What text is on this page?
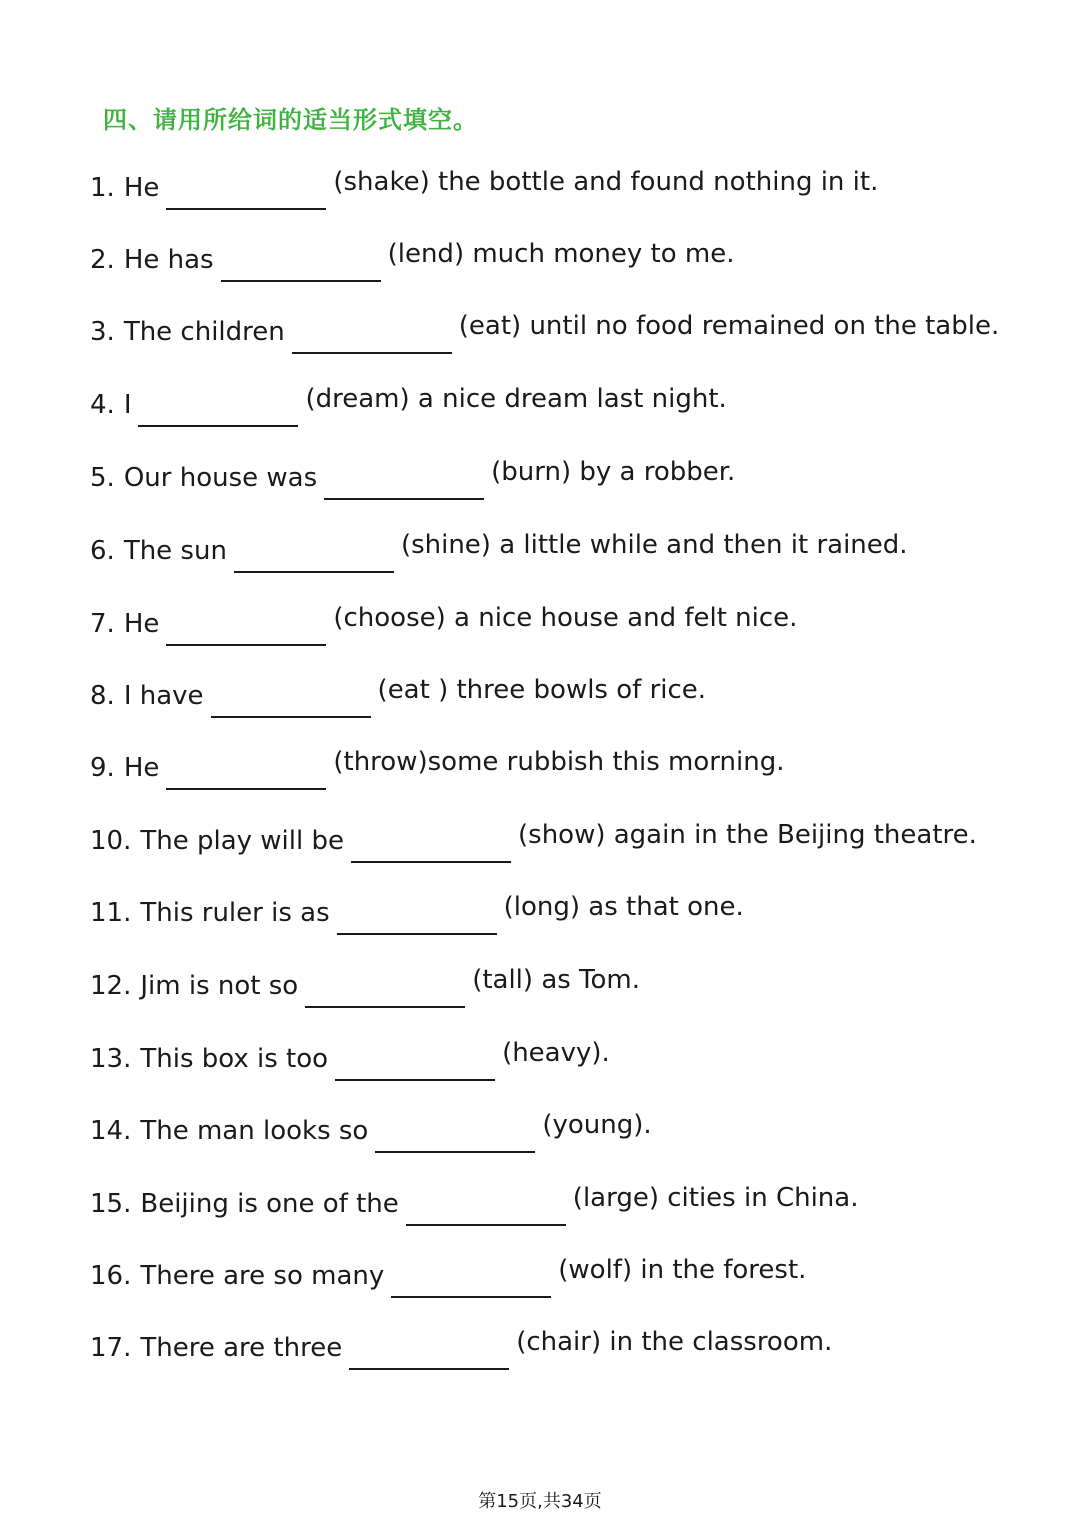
四、请用所给词的适当形式填空。
1. He	(shake) the bottle and found nothing in it.
2. He has	(lend) much money to me.
3. The children	(eat) until no food remained on the table.
4.I	(dream) a nice dream last night.
5. Our house was	(burn) by a robber.
6. The sun	(shine) a little while and then it rained.
7. He	(choose) a nice house and felt nice.
8. I have	(eat ) three bowls of rice.
9. He	(throw)some rubbish this morning.
10. The play will be	(show) again in the Beijing theatre.
11. This ruler is as	(long) as that one.
12. Jim is not so	(tall) as Tom.
13. This box is too	(heavy).
14. The man looks so	(young).
15.Beijing is one of the	(large) cities in China.
16. There are so many	(wolf) in the forest.
17.There are three	(chair) in the classroom.
第15页,共34页
